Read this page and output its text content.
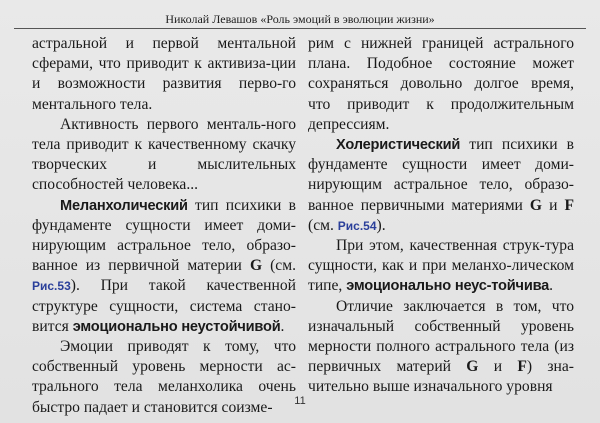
Николай Левашов «Роль эмоций в эволюции жизни»

астральной и первой ментальной сферами, что приводит к активиза-ции и возможности развития перво-го ментального тела.

Активность первого менталь-ного тела приводит к качественному скачку творческих и мыслительных способностей человека...

Меланхолический тип психики в фундаменте сущности имеет доми-нирующим астральное тело, образо-ванное из первичной материи G (см. Рис.53). При такой качественной структуре сущности, система стано-вится эмоционально неустойчивой.

Эмоции приводят к тому, что собственный уровень мерности ас-трального тела меланхолика очень быстро падает и становится соизме-

рим с нижней границей астрального плана. Подобное состояние может сохраняться довольно долгое время, что приводит к продолжительным депрессиям.

Холеристический тип психики в фундаменте сущности имеет доми-нирующим астральное тело, образо-ванное первичными материями G и F (см. Рис.54).

При этом, качественная струк-тура сущности, как и при меланхо-лическом типе, эмоционально неус-тойчива.

Отличие заключается в том, что изначальный собственный уровень мерности полного астрального тела (из первичных материй G и F) зна-чительно выше изначального уровня

11
